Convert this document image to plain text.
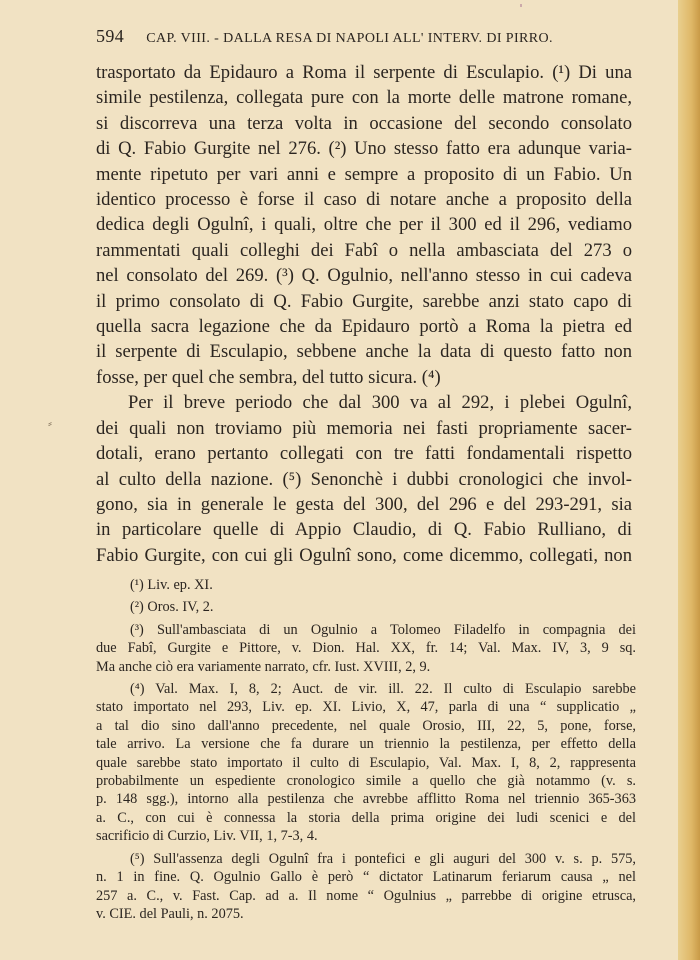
594 CAP. VIII. - DALLA RESA DI NAPOLI ALL' INTERV. DI PIRRO.

trasportato da Epidauro a Roma il serpente di Esculapio. (¹) Di una
simile pestilenza, collegata pure con la morte delle matrone romane,
si discorreva una terza volta in occasione del secondo consolato
di Q. Fabio Gurgite nel 276. (²) Uno stesso fatto era adunque varia-
mente ripetuto per vari anni e sempre a proposito di un Fabio. Un
identico processo è forse il caso di notare anche a proposito della
dedica degli Ogulnî, i quali, oltre che per il 300 ed il 296, vediamo
rammentati quali colleghi dei Fabî o nella ambasciata del 273 o
nel consolato del 269. (³) Q. Ogulnio, nell'anno stesso in cui cadeva
il primo consolato di Q. Fabio Gurgite, sarebbe anzi stato capo di
quella sacra legazione che da Epidauro portò a Roma la pietra ed
il serpente di Esculapio, sebbene anche la data di questo fatto non
fosse, per quel che sembra, del tutto sicura. (⁴)

Per il breve periodo che dal 300 va al 292, i plebei Ogulnî,
dei quali non troviamo più memoria nei fasti propriamente sacer-
dotali, erano pertanto collegati con tre fatti fondamentali rispetto
al culto della nazione. (⁵) Senonchè i dubbi cronologici che invol-
gono, sia in generale le gesta del 300, del 296 e del 293-291, sia
in particolare quelle di Appio Claudio, di Q. Fabio Rulliano, di
Fabio Gurgite, con cui gli Ogulnî sono, come dicemmo, collegati, non

⸗
(¹) Liv. ep. XI.
(²) Oros. IV, 2.
(³) Sull'ambasciata di un Ogulnio a Tolomeo Filadelfo in compagnia dei
due Fabî, Gurgite e Pittore, v. Dion. Hal. XX, fr. 14; Val. Max. IV, 3, 9 sq.
Ma anche ciò era variamente narrato, cfr. Iust. XVIII, 2, 9.
(⁴) Val. Max. I, 8, 2; Auct. de vir. ill. 22. Il culto di Esculapio sarebbe
stato importato nel 293, Liv. ep. XI. Livio, X, 47, parla di una “ supplicatio „
a tal dio sino dall'anno precedente, nel quale Orosio, III, 22, 5, pone, forse,
tale arrivo. La versione che fa durare un triennio la pestilenza, per effetto della
quale sarebbe stato importato il culto di Esculapio, Val. Max. I, 8, 2, rappresenta
probabilmente un espediente cronologico simile a quello che già notammo (v. s.
p. 148 sgg.), intorno alla pestilenza che avrebbe afflitto Roma nel triennio 365-363
a. C., con cui è connessa la storia della prima origine dei ludi scenici e del
sacrificio di Curzio, Liv. VII, 1, 7-3, 4.
(⁵) Sull'assenza degli Ogulnî fra i pontefici e gli auguri del 300 v. s. p. 575,
n. 1 in fine. Q. Ogulnio Gallo è però “ dictator Latinarum feriarum causa „ nel
257 a. C., v. Fast. Cap. ad a. Il nome “ Ogulnius „ parrebbe di origine etrusca,
v. CIE. del Pauli, n. 2075.
